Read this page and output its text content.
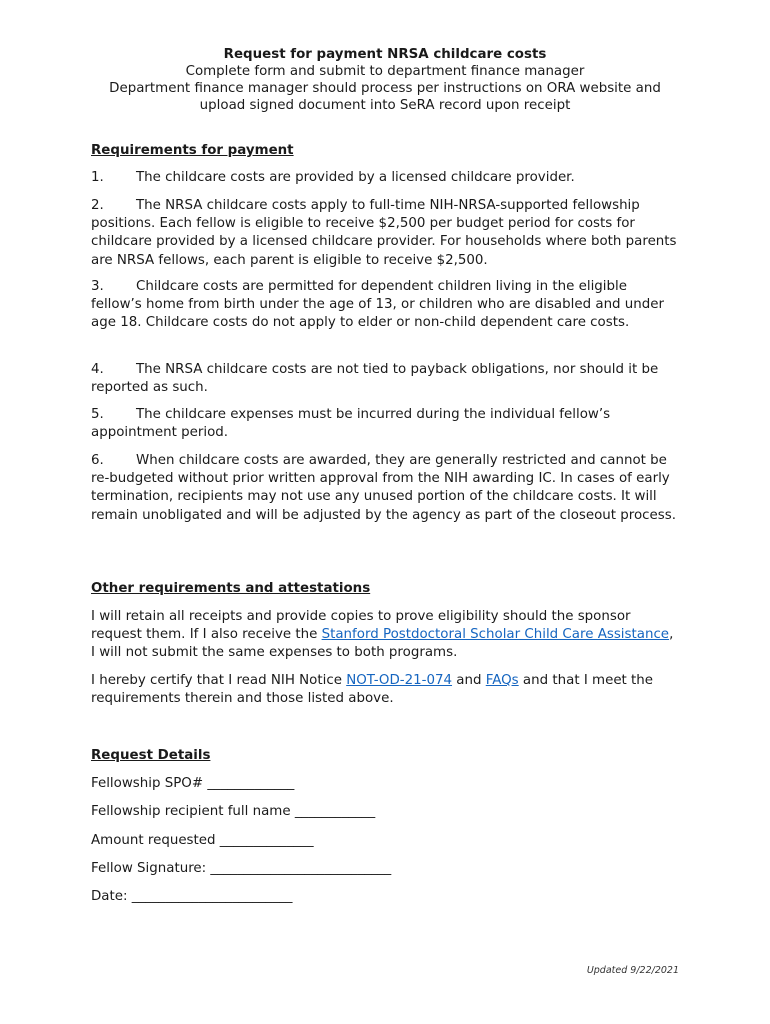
Request for payment NRSA childcare costs
Complete form and submit to department finance manager
Department finance manager should process per instructions on ORA website and upload signed document into SeRA record upon receipt
Requirements for payment

1. The childcare costs are provided by a licensed childcare provider.

2. The NRSA childcare costs apply to full-time NIH-NRSA-supported fellowship positions. Each fellow is eligible to receive $2,500 per budget period for costs for childcare provided by a licensed childcare provider. For households where both parents are NRSA fellows, each parent is eligible to receive $2,500.

3. Childcare costs are permitted for dependent children living in the eligible fellow’s home from birth under the age of 13, or children who are disabled and under age 18. Childcare costs do not apply to elder or non-child dependent care costs.

4. The NRSA childcare costs are not tied to payback obligations, nor should it be reported as such.

5. The childcare expenses must be incurred during the individual fellow’s appointment period.

6. When childcare costs are awarded, they are generally restricted and cannot be re-budgeted without prior written approval from the NIH awarding IC. In cases of early termination, recipients may not use any unused portion of the childcare costs. It will remain unobligated and will be adjusted by the agency as part of the closeout process.

Other requirements and attestations

I will retain all receipts and provide copies to prove eligibility should the sponsor request them. If I also receive the Stanford Postdoctoral Scholar Child Care Assistance, I will not submit the same expenses to both programs.

I hereby certify that I read NIH Notice NOT-OD-21-074 and FAQs and that I meet the requirements therein and those listed above.

Request Details
Fellowship SPO# _____________
Fellowship recipient full name ____________
Amount requested ______________
Fellow Signature: ___________________________
Date: ________________________
Updated 9/22/2021
